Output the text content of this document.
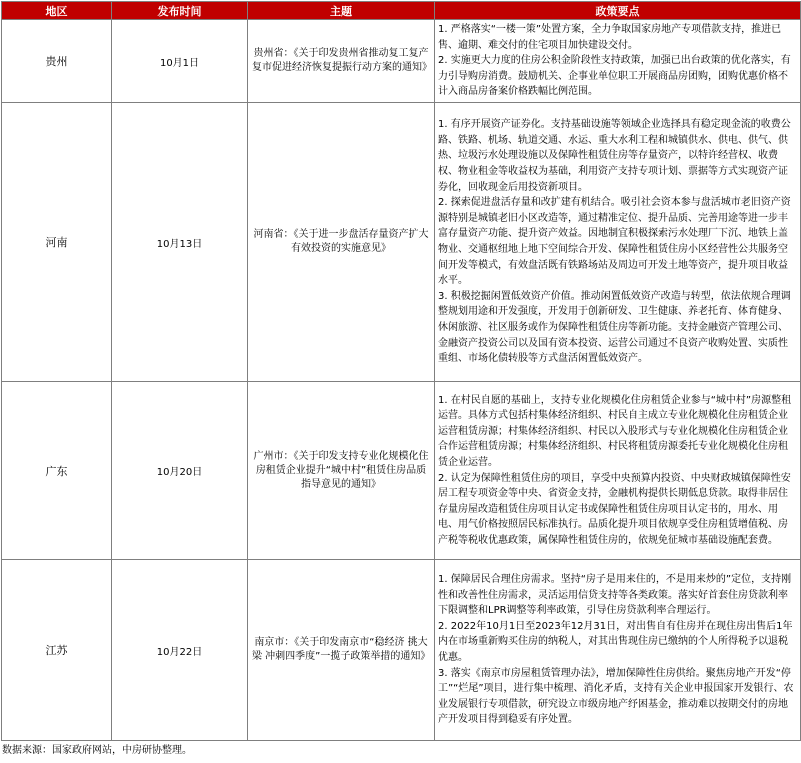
地区	发布时间	主题	政策要点
贵州	10月1日	贵州省：《关于印发贵州省推动复工复产复市促进经济恢复提振行动方案的通知》	1. 严格落实“一楼一策”处置方案，全力争取国家房地产专项借款支持，推进已售、逾期、难交付的住宅项目加快建设交付。

2. 实施更大力度的住房公积金阶段性支持政策，加强已出台政策的优化落实，有力引导购房消费。鼓励机关、企事业单位职工开展商品房团购，团购优惠价格不计入商品房备案价格跌幅比例范围。

河南	10月13日	河南省：《关于进一步盘活存量资产扩大有效投资的实施意见》	1. 有序开展资产证券化。支持基础设施等领域企业选择具有稳定现金流的收费公路、铁路、机场、轨道交通、水运、重大水利工程和城镇供水、供电、供气、供热、垃圾污水处理设施以及保障性租赁住房等存量资产，以特许经营权、收费权、物业租金等收益权为基础，利用资产支持专项计划、票据等方式实现资产证券化，回收现金后用投资新项目。

2. 探索促进盘活存量和改扩建有机结合。吸引社会资本参与盘活城市老旧资产资源特别是城镇老旧小区改造等，通过精准定位、提升品质、完善用途等进一步丰富存量资产功能、提升资产效益。因地制宜积极探索污水处理厂下沉、地铁上盖物业、交通枢纽地上地下空间综合开发、保障性租赁住房小区经营性公共服务空间开发等模式，有效盘活既有铁路场站及周边可开发土地等资产，提升项目收益水平。

3. 积极挖掘闲置低效资产价值。推动闲置低效资产改造与转型，依法依规合理调整规划用途和开发强度，开发用于创新研发、卫生健康、养老托育、体育健身、休闲旅游、社区服务或作为保障性租赁住房等新功能。支持金融资产管理公司、金融资产投资公司以及国有资本投资、运营公司通过不良资产收购处置、实质性重组、市场化债转股等方式盘活闲置低效资产。

广东	10月20日	广州市：《关于印发支持专业化规模化住房租赁企业提升“城中村”租赁住房品质指导意见的通知》	1. 在村民自愿的基础上，支持专业化规模化住房租赁企业参与“城中村”房源整租运营。具体方式包括村集体经济组织、村民自主成立专业化规模化住房租赁企业运营租赁房源；村集体经济组织、村民以入股形式与专业化规模化住房租赁企业合作运营租赁房源；村集体经济组织、村民将租赁房源委托专业化规模化住房租赁企业运营。

2. 认定为保障性租赁住房的项目，享受中央预算内投资、中央财政城镇保障性安居工程专项资金等中央、省资金支持，金融机构提供长期低息贷款。取得非居住存量房屋改造租赁住房项目认定书或保障性租赁住房项目认定书的，用水、用电、用气价格按照居民标准执行。品质化提升项目依规享受住房租赁增值税、房产税等税收优惠政策，属保障性租赁住房的，依规免征城市基础设施配套费。

江苏	10月22日	南京市：《关于印发南京市“稳经济 挑大梁 冲刺四季度”一揽子政策举措的通知》	1. 保障居民合理住房需求。坚持“房子是用来住的，不是用来炒的”定位，支持刚性和改善性住房需求，灵活运用信贷支持等各类政策。落实好首套住房贷款利率下限调整和LPR调整等利率政策，引导住房贷款利率合理运行。

2. 2022年10月1日至2023年12月31日，对出售自有住房并在现住房出售后1年内在市场重新购买住房的纳税人，对其出售现住房已缴纳的个人所得税予以退税优惠。

3. 落实《南京市房屋租赁管理办法》，增加保障性住房供给。聚焦房地产开发“停工”“烂尾”项目，进行集中梳理、消化矛盾，支持有关企业申报国家开发银行、农业发展银行专项借款，研究设立市级房地产纾困基金，推动难以按期交付的房地产开发项目得到稳妥有序处置。

数据来源：国家政府网站，中房研协整理。
